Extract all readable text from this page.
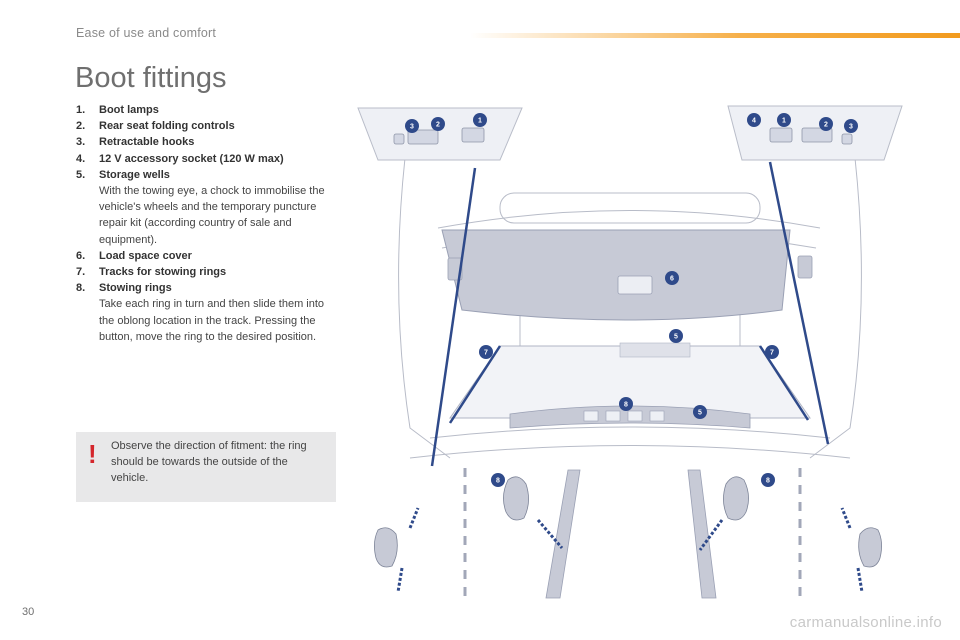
Ease of use and comfort
Boot fittings
1. Boot lamps
2. Rear seat folding controls
3. Retractable hooks
4. 12 V accessory socket (120 W max)
5. Storage wells
With the towing eye, a chock to immobilise the vehicle's wheels and the temporary puncture repair kit (according country of sale and equipment).
6. Load space cover
7. Tracks for stowing rings
8. Stowing rings
Take each ring in turn and then slide them into the oblong location in the track. Pressing the button, move the ring to the desired position.
! Observe the direction of fitment: the ring should be towards the outside of the vehicle.
1
2
3
1
2	3
4
5
5
6
7	7
8
8	8
30
carmanualsonline.info
